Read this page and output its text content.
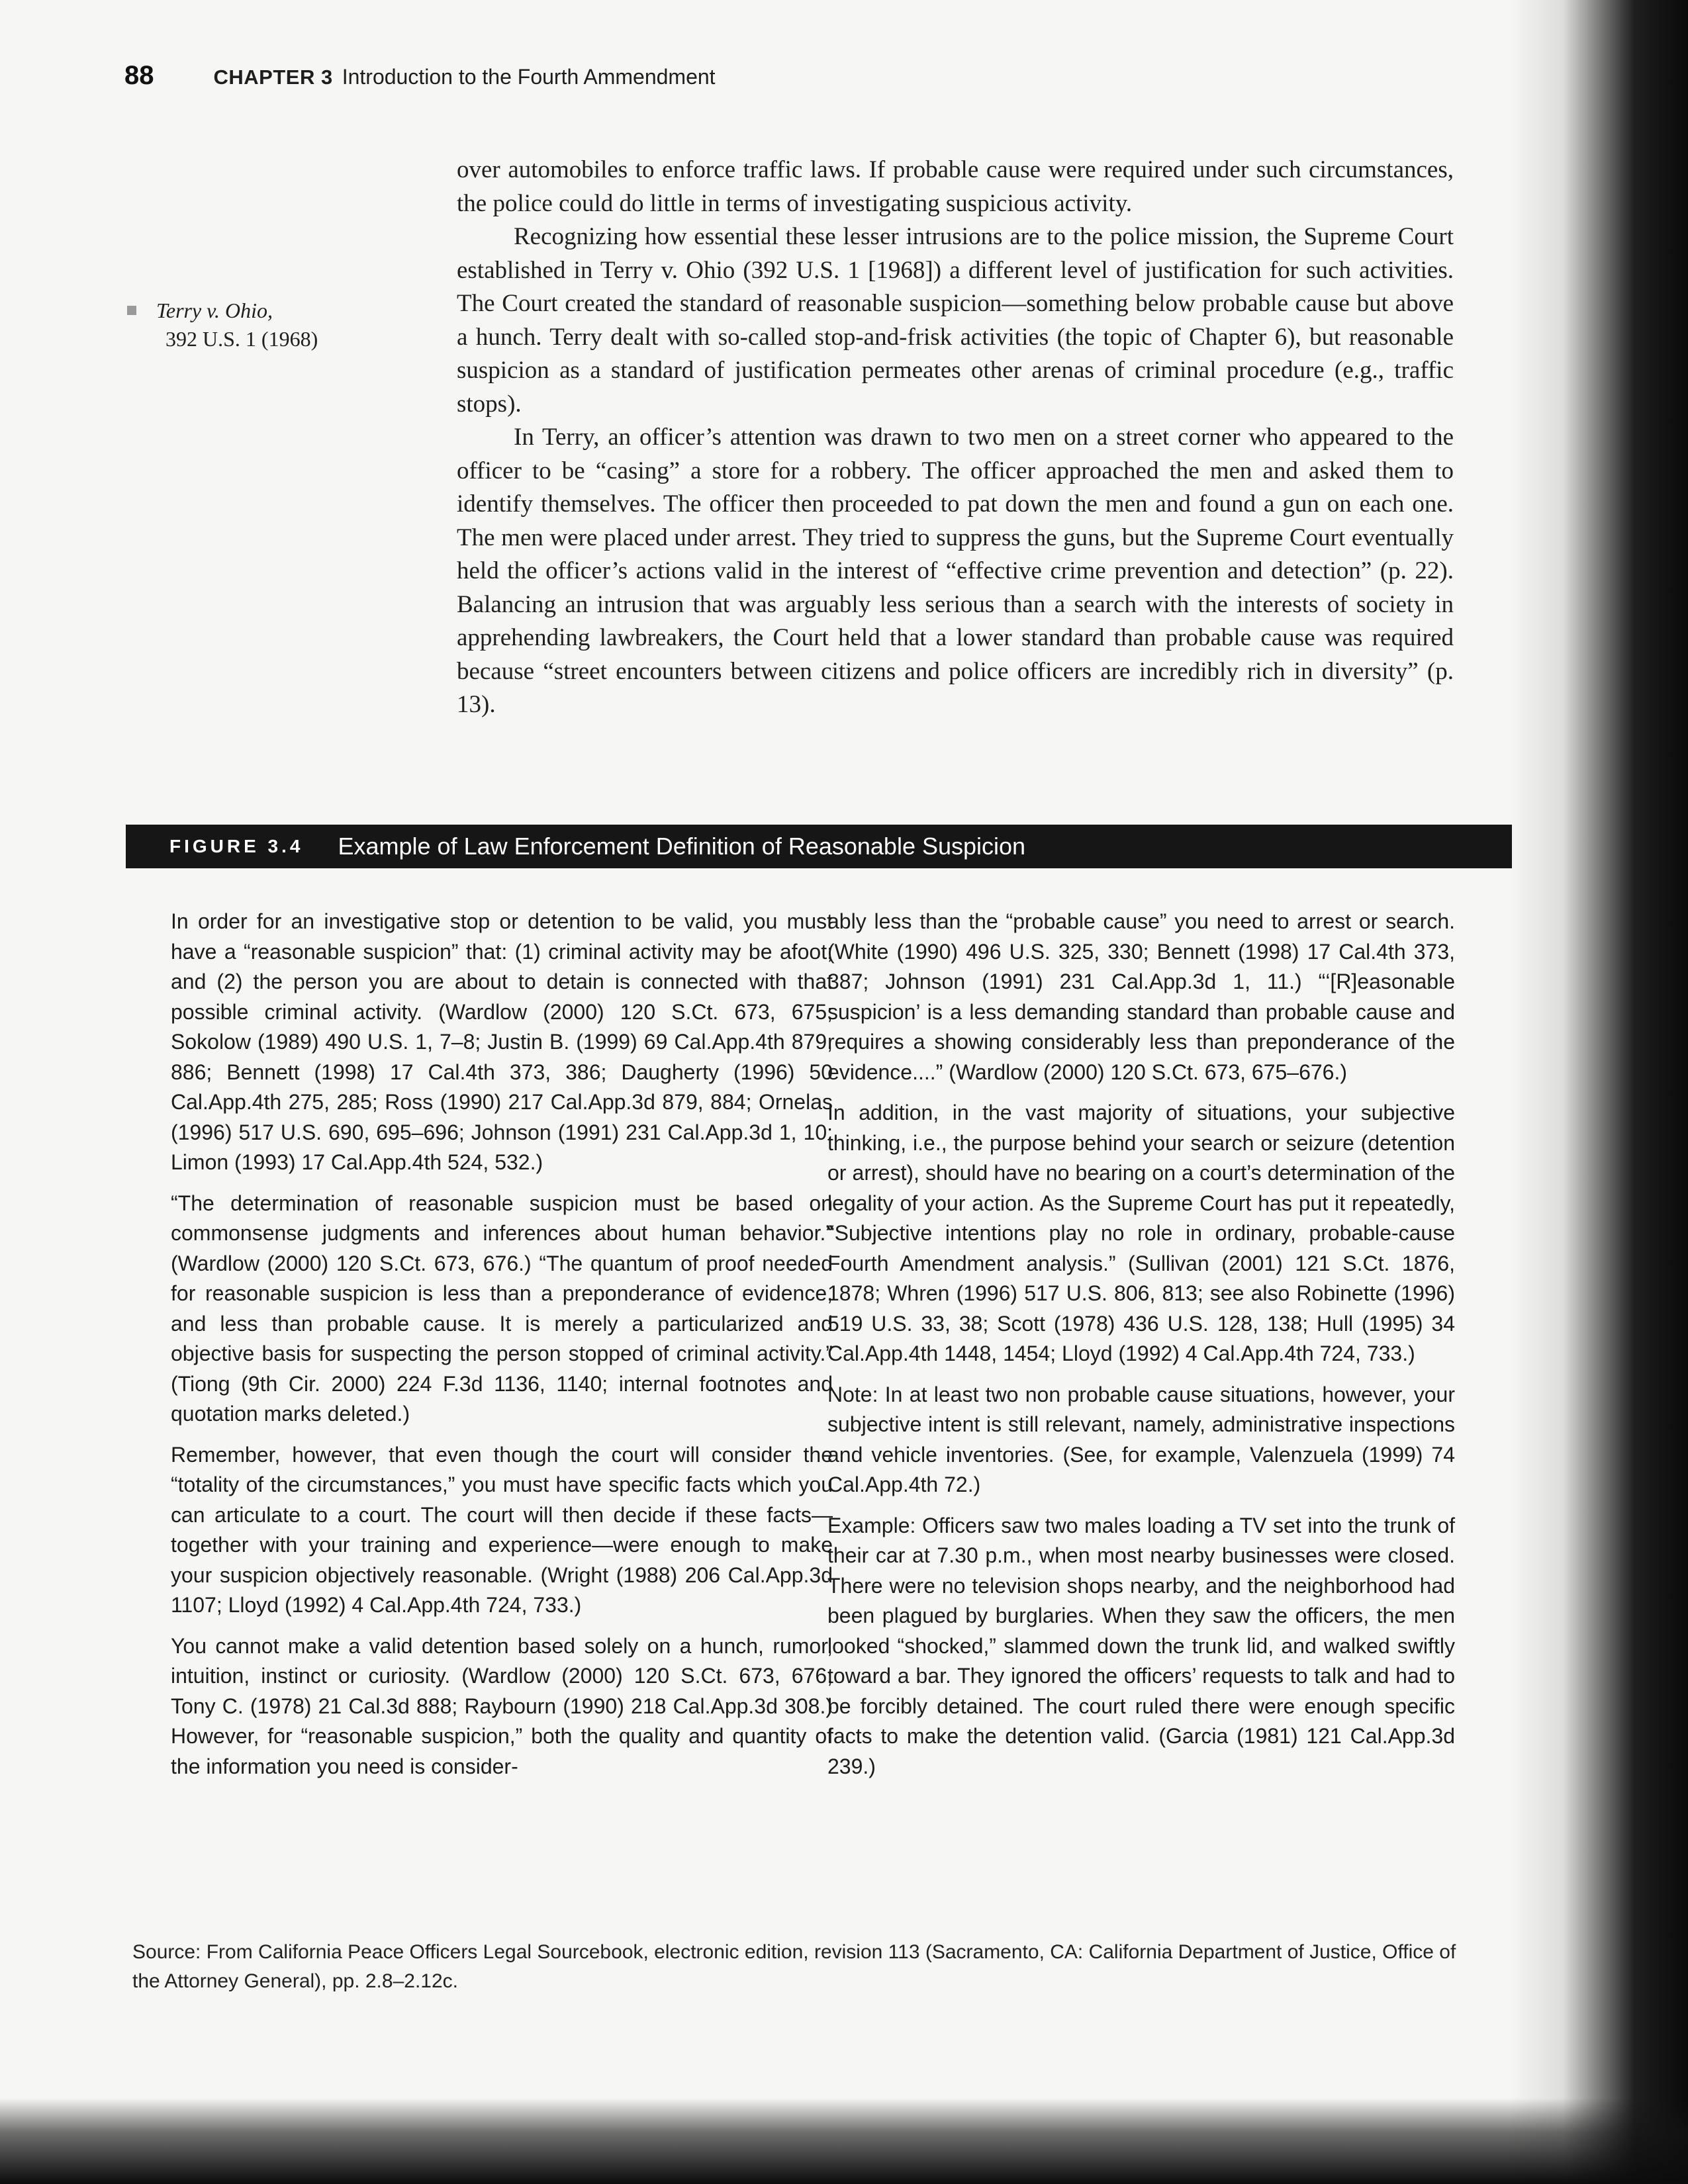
88	CHAPTER 3 Introduction to the Fourth Ammendment
Terry v. Ohio,
392 U.S. 1 (1968)

over automobiles to enforce traffic laws. If probable cause were required under such circumstances, the police could do little in terms of investigating suspicious activity.

Recognizing how essential these lesser intrusions are to the police mission, the Supreme Court established in Terry v. Ohio (392 U.S. 1 [1968]) a different level of justification for such activities. The Court created the standard of reasonable suspicion—something below probable cause but above a hunch. Terry dealt with so-called stop-and-frisk activities (the topic of Chapter 6), but reasonable suspicion as a standard of justification permeates other arenas of criminal procedure (e.g., traffic stops).

In Terry, an officer’s attention was drawn to two men on a street corner who appeared to the officer to be “casing” a store for a robbery. The officer approached the men and asked them to identify themselves. The officer then proceeded to pat down the men and found a gun on each one. The men were placed under arrest. They tried to suppress the guns, but the Supreme Court eventually held the officer’s actions valid in the interest of “effective crime prevention and detection” (p. 22). Balancing an intrusion that was arguably less serious than a search with the interests of society in apprehending lawbreakers, the Court held that a lower standard than probable cause was required because “street encounters between citizens and police officers are incredibly rich in diversity” (p. 13).

FIGURE 3.4 Example of Law Enforcement Definition of Reasonable Suspicion

In order for an investigative stop or detention to be valid, you must have a “reasonable suspicion” that: (1) criminal activity may be afoot; and (2) the person you are about to detain is connected with that possible criminal activity. (Wardlow (2000) 120 S.Ct. 673, 675; Sokolow (1989) 490 U.S. 1, 7–8; Justin B. (1999) 69 Cal.App.4th 879, 886; Bennett (1998) 17 Cal.4th 373, 386; Daugherty (1996) 50 Cal.App.4th 275, 285; Ross (1990) 217 Cal.App.3d 879, 884; Ornelas (1996) 517 U.S. 690, 695–696; Johnson (1991) 231 Cal.App.3d 1, 10; Limon (1993) 17 Cal.App.4th 524, 532.)

“The determination of reasonable suspicion must be based on commonsense judgments and inferences about human behavior.” (Wardlow (2000) 120 S.Ct. 673, 676.) “The quantum of proof needed for reasonable suspicion is less than a preponderance of evidence, and less than probable cause. It is merely a particularized and objective basis for suspecting the person stopped of criminal activity.” (Tiong (9th Cir. 2000) 224 F.3d 1136, 1140; internal footnotes and quotation marks deleted.)

Remember, however, that even though the court will consider the “totality of the circumstances,” you must have specific facts which you can articulate to a court. The court will then decide if these facts—together with your training and experience—were enough to make your suspicion objectively reasonable. (Wright (1988) 206 Cal.App.3d 1107; Lloyd (1992) 4 Cal.App.4th 724, 733.)

You cannot make a valid detention based solely on a hunch, rumor, intuition, instinct or curiosity. (Wardlow (2000) 120 S.Ct. 673, 676; Tony C. (1978) 21 Cal.3d 888; Raybourn (1990) 218 Cal.App.3d 308.) However, for “reasonable suspicion,” both the quality and quantity of the information you need is consider-

ably less than the “probable cause” you need to arrest or search. (White (1990) 496 U.S. 325, 330; Bennett (1998) 17 Cal.4th 373, 387; Johnson (1991) 231 Cal.App.3d 1, 11.) “‘[R]easonable suspicion’ is a less demanding standard than probable cause and requires a showing considerably less than preponderance of the evidence....” (Wardlow (2000) 120 S.Ct. 673, 675–676.)

In addition, in the vast majority of situations, your subjective thinking, i.e., the purpose behind your search or seizure (detention or arrest), should have no bearing on a court’s determination of the legality of your action. As the Supreme Court has put it repeatedly, “Subjective intentions play no role in ordinary, probable-cause Fourth Amendment analysis.” (Sullivan (2001) 121 S.Ct. 1876, 1878; Whren (1996) 517 U.S. 806, 813; see also Robinette (1996) 519 U.S. 33, 38; Scott (1978) 436 U.S. 128, 138; Hull (1995) 34 Cal.App.4th 1448, 1454; Lloyd (1992) 4 Cal.App.4th 724, 733.)

Note: In at least two non probable cause situations, however, your subjective intent is still relevant, namely, administrative inspections and vehicle inventories. (See, for example, Valenzuela (1999) 74 Cal.App.4th 72.)

Example: Officers saw two males loading a TV set into the trunk of their car at 7.30 p.m., when most nearby businesses were closed. There were no television shops nearby, and the neighborhood had been plagued by burglaries. When they saw the officers, the men looked “shocked,” slammed down the trunk lid, and walked swiftly toward a bar. They ignored the officers’ requests to talk and had to be forcibly detained. The court ruled there were enough specific facts to make the detention valid. (Garcia (1981) 121 Cal.App.3d 239.)

Source: From California Peace Officers Legal Sourcebook, electronic edition, revision 113 (Sacramento, CA: California Department of Justice, Office of the Attorney General), pp. 2.8–2.12c.
